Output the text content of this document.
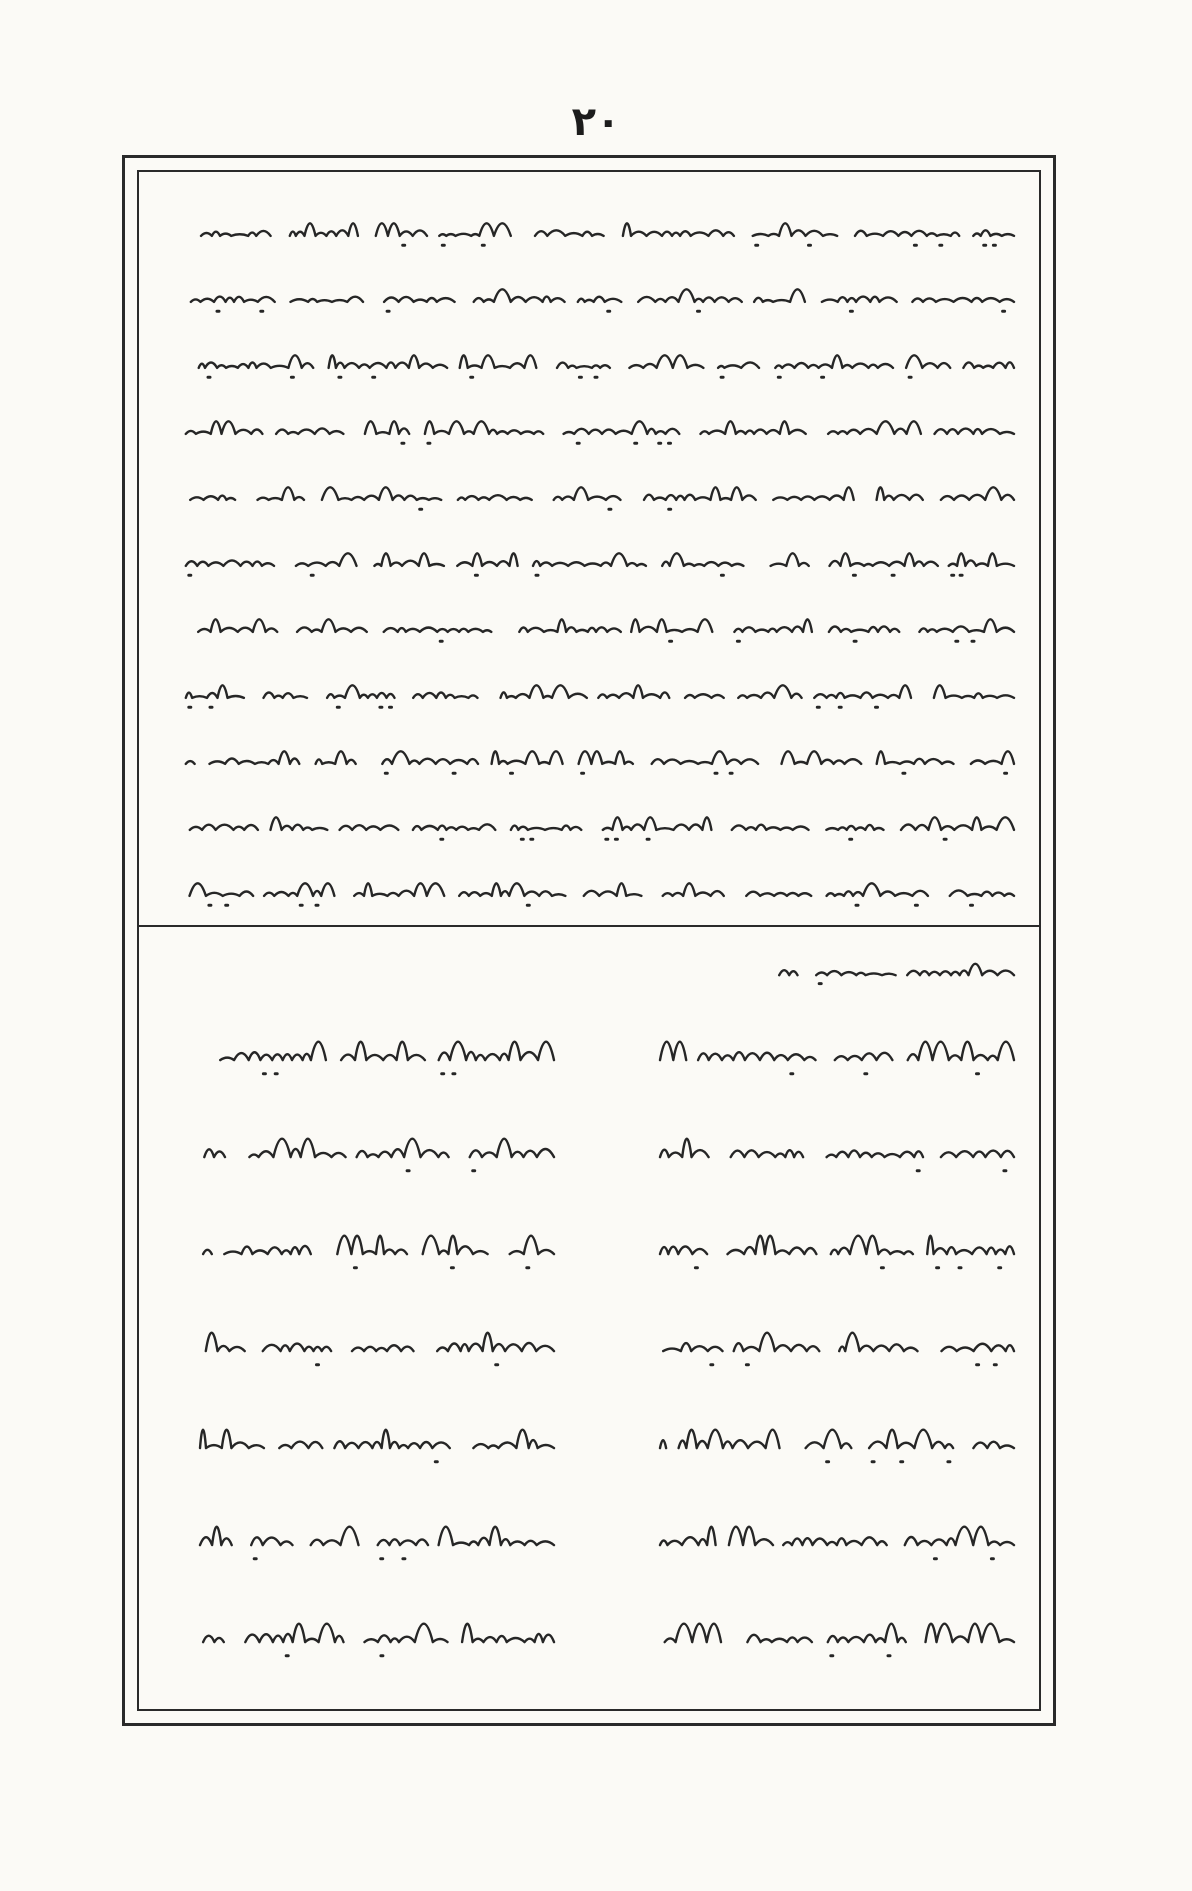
٢٠
